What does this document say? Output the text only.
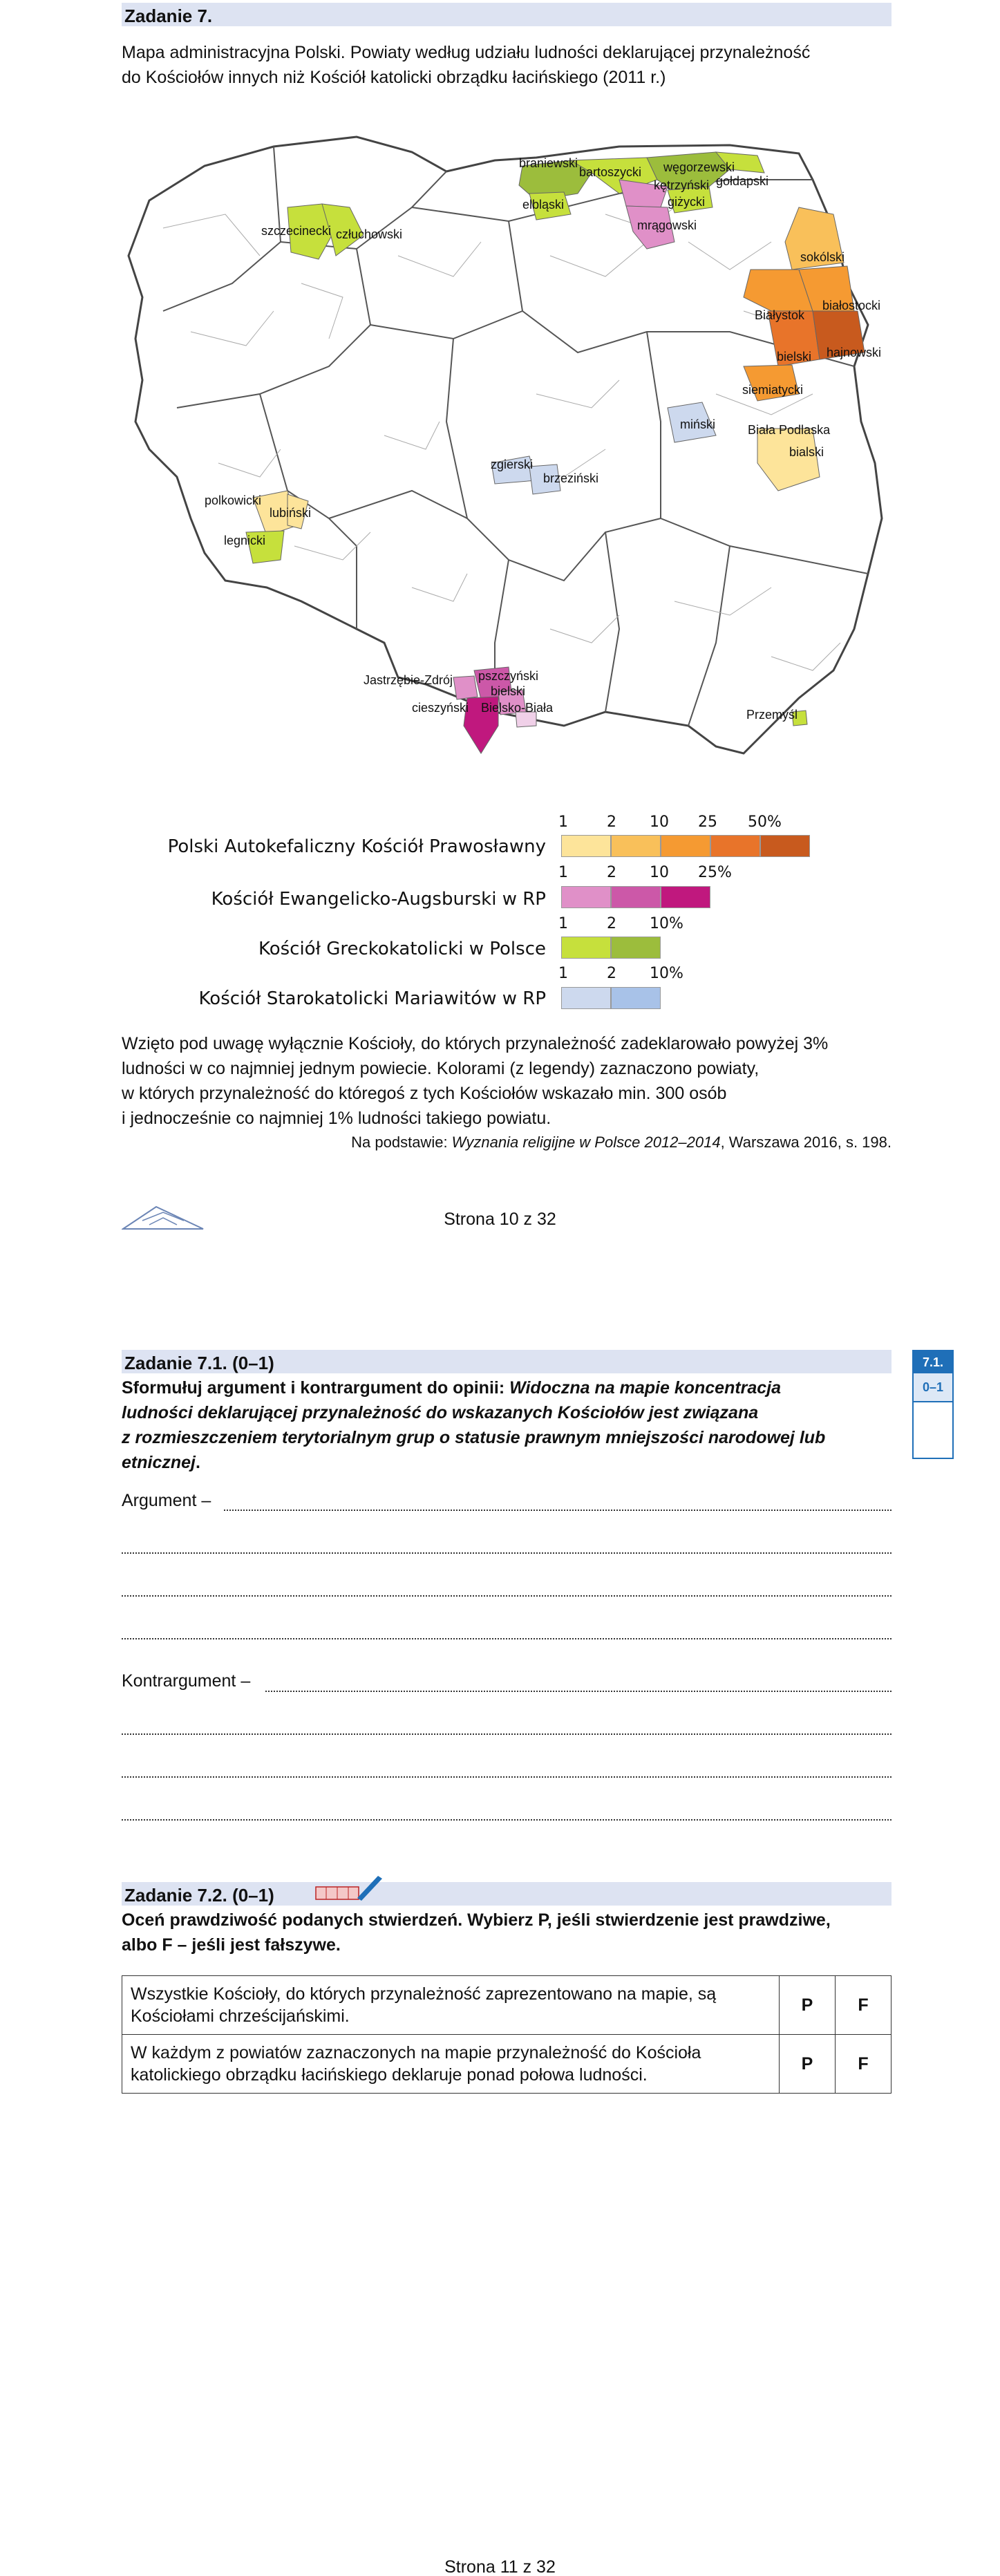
Zadanie 7.
Mapa administracyjna Polski. Powiaty według udziału ludności deklarującej przynależność
do Kościołów innych niż Kościół katolicki obrządku łacińskiego (2011 r.)
braniewski
bartoszycki węgorzewski
gołdapski
elbląski
kętrzyński
giżycki
mrągowski
szczecinecki człuchowski
sokólski
Białystok
białostocki
bielski hajnowski
siemiatycki
miński	Biała Podlaska
bialski
zgierski
brzeziński
polkowicki
lubiński
legnicki
Jastrzębie-Zdrój pszczyński
bielski
cieszyński Bielsko-Biała	Przemyśl
1	2 10 25 50%
Polski Autokefaliczny Kościół Prawosławny
1	2 10 25%
Kościół Ewangelicko-Augsburski w RP
1	2 10%
Kościół Greckokatolicki w Polsce
1	2 10%
Kościół Starokatolicki Mariawitów w RP
Wzięto pod uwagę wyłącznie Kościoły, do których przynależność zadeklarowało powyżej 3%
ludności w co najmniej jednym powiecie. Kolorami (z legendy) zaznaczono powiaty,
w których przynależność do któregoś z tych Kościołów wskazało min. 300 osób
i jednocześnie co najmniej 1% ludności takiego powiatu.
Na podstawie: Wyznania religijne w Polsce 2012–2014, Warszawa 2016, s. 198.
Strona 10 z 32
Zadanie 7.1. (0–1)	7.1.
0–1
Sformułuj argument i kontrargument do opinii: Widoczna na mapie koncentracja
ludności deklarującej przynależność do wskazanych Kościołów jest związana
z rozmieszczeniem terytorialnym grup o statusie prawnym mniejszości narodowej lub
etnicznej.
Argument –
Kontrargument –
Zadanie 7.2. (0–1)
Oceń prawdziwość podanych stwierdzeń. Wybierz P, jeśli stwierdzenie jest prawdziwe,
albo F – jeśli jest fałszywe.
Wszystkie Kościoły, do których przynależność zaprezentowano na mapie, są
Kościołami chrześcijańskimi.	P	F

W każdym z powiatów zaznaczonych na mapie przynależność do Kościoła
katolickiego obrządku łacińskiego deklaruje ponad połowa ludności.	P	F
Strona 11 z 32
